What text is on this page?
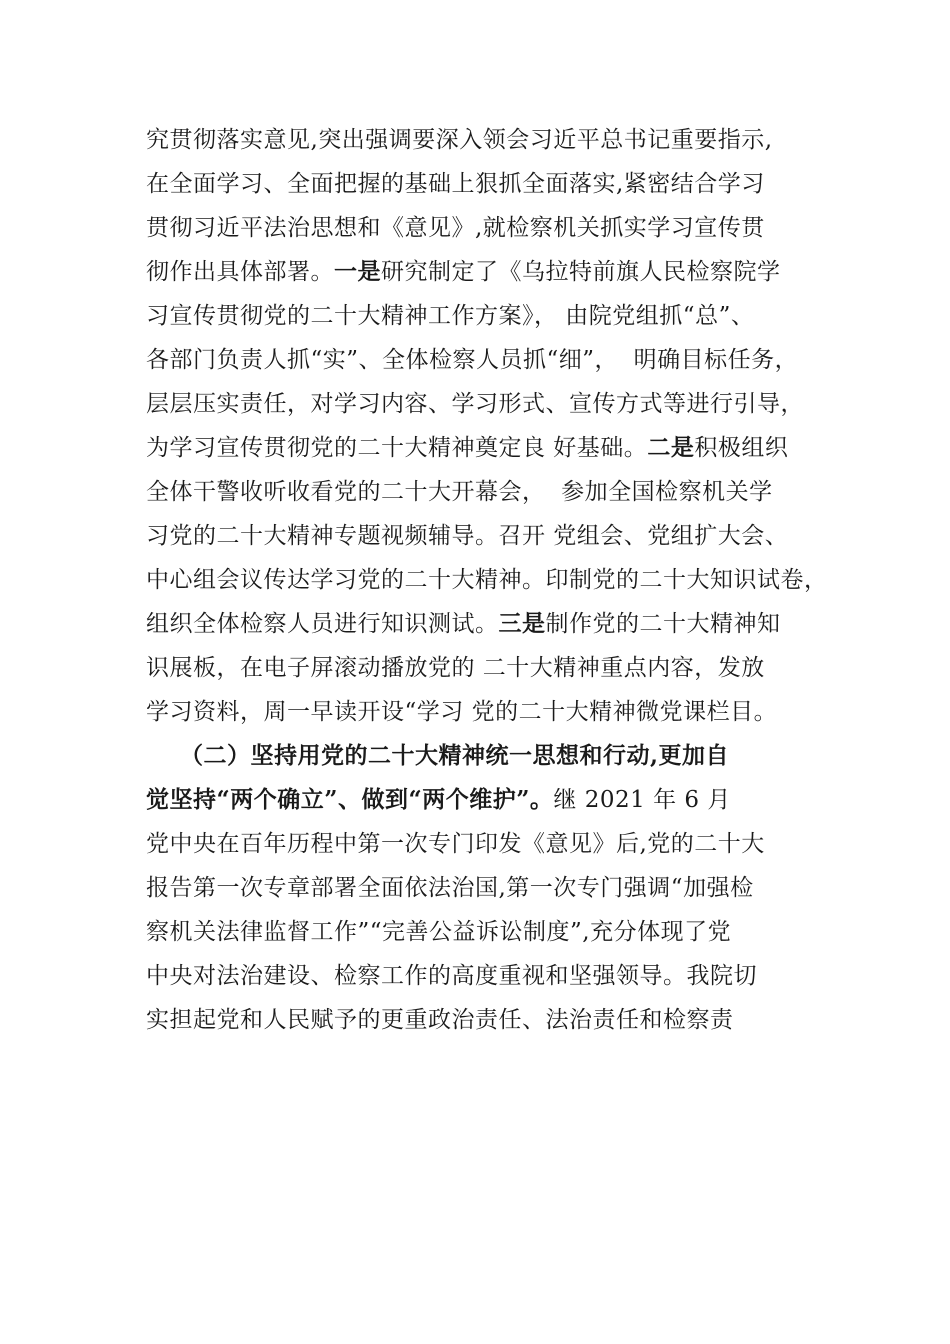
究贯彻落实意见,突出强调要深入领会习近平总书记重要指示,
在全面学习、全面把握的基础上狠抓全面落实,紧密结合学习
贯彻习近平法治思想和《意见》,就检察机关抓实学习宣传贯
彻作出具体部署。一是研究制定了《乌拉特前旗人民检察院学
习宣传贯彻党的二十大精神工作方案》， 由院党组抓“总”、
各部门负责人抓“实”、全体检察人员抓“细”，  明确目标任务，
层层压实责任，对学习内容、学习形式、宣传方式等进行引导，
为学习宣传贯彻党的二十大精神奠定良 好基础。二是积极组织
全体干警收听收看党的二十大开幕会，  参加全国检察机关学
习党的二十大精神专题视频辅导。召开 党组会、党组扩大会、
中心组会议传达学习党的二十大精神。印制党的二十大知识试卷，
组织全体检察人员进行知识测试。三是制作党的二十大精神知
识展板，在电子屏滚动播放党的 二十大精神重点内容，发放
学习资料，周一早读开设“学习 党的二十大精神微党课栏目。
（二）坚持用党的二十大精神统一思想和行动,更加自
觉坚持“两个确立”、做到“两个维护”。继 2021 年 6 月
党中央在百年历程中第一次专门印发《意见》后,党的二十大
报告第一次专章部署全面依法治国,第一次专门强调“加强检
察机关法律监督工作”“完善公益诉讼制度”,充分体现了党
中央对法治建设、检察工作的高度重视和坚强领导。我院切
实担起党和人民赋予的更重政治责任、法治责任和检察责
